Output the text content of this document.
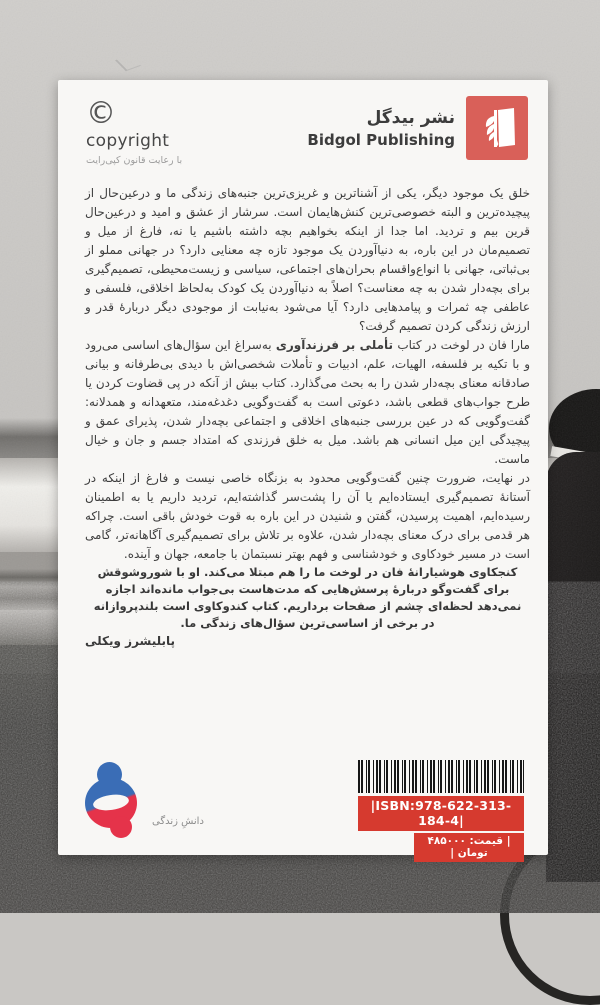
©
copyright
با رعایت قانون کپی‌رایت
نشر بیدگل
Bidgol Publishing

خلق یک موجود دیگر، یکی از آشناترین و غریزی‌ترین جنبه‌های زندگی ما و درعین‌حال از پیچیده‌ترین و البته خصوصی‌ترین کنش‌هایمان است. سرشار از عشق و امید و درعین‌حال قرین بیم و تردید. اما جدا از اینکه بخواهیم بچه داشته باشیم یا نه، فارغ از میل و تصمیم‌مان در این باره، به دنیاآوردن یک موجود تازه چه معنایی دارد؟ در جهانی مملو از بی‌ثباتی، جهانی با انواع‌واقسام بحران‌های اجتماعی، سیاسی و زیست‌محیطی، تصمیم‌گیری برای بچه‌دار شدن به چه معناست؟ اصلاً به دنیاآوردن یک کودک به‌لحاظ اخلاقی، فلسفی و عاطفی چه ثمرات و پیامدهایی دارد؟ آیا می‌شود به‌نیابت از موجودی دیگر دربارهٔ قدر و ارزش زندگی کردن تصمیم گرفت؟

مارا فان در لوخت در کتاب تأملی بر فرزندآوری به‌سراغ این سؤال‌های اساسی می‌رود و با تکیه بر فلسفه، الهیات، علم، ادبیات و تأملات شخصی‌اش با دیدی بی‌طرفانه و بیانی صادقانه معنای بچه‌دار شدن را به بحث می‌گذارد. کتاب بیش از آنکه در پی قضاوت کردن یا طرح جواب‌های قطعی باشد، دعوتی است به گفت‌وگویی دغدغه‌مند، متعهدانه و همدلانه: گفت‌وگویی که در عین بررسی جنبه‌های اخلاقی و اجتماعی بچه‌دار شدن، پذیرای عمق و پیچیدگی این میل انسانی هم باشد. میل به خلق فرزندی که امتداد جسم و جان و خیال ماست.

در نهایت، ضرورت چنین گفت‌وگویی محدود به بزنگاه خاصی نیست و فارغ از اینکه در آستانهٔ تصمیم‌گیری ایستاده‌ایم یا آن را پشت‌سر گذاشته‌ایم، تردید داریم یا به اطمینان رسیده‌ایم، اهمیت پرسیدن، گفتن و شنیدن در این باره به قوت خودش باقی است. چراکه هر قدمی برای درک معنای بچه‌دار شدن، علاوه بر تلاش برای تصمیم‌گیری آگاهانه‌تر، گامی است در مسیر خودکاوی و خودشناسی و فهم بهتر نسبتمان با جامعه، جهان و آینده.

کنجکاوی هوشیارانهٔ فان در لوخت ما را هم مبتلا می‌کند. او با شوروشوقش برای گفت‌وگو دربارهٔ پرسش‌هایی که مدت‌هاست بی‌جواب مانده‌اند اجازه نمی‌دهد لحظه‌ای چشم از صفحات برداریم. کتاب کندوکاوی است بلندپروازانه در برخی از اساسی‌ترین سؤال‌های زندگی ما.

پابلیشرز ویکلی

دانشِ زندگی
|ISBN:978-622-313-184-4|
| قیمت: ۴۸۵۰۰۰ تومان |
